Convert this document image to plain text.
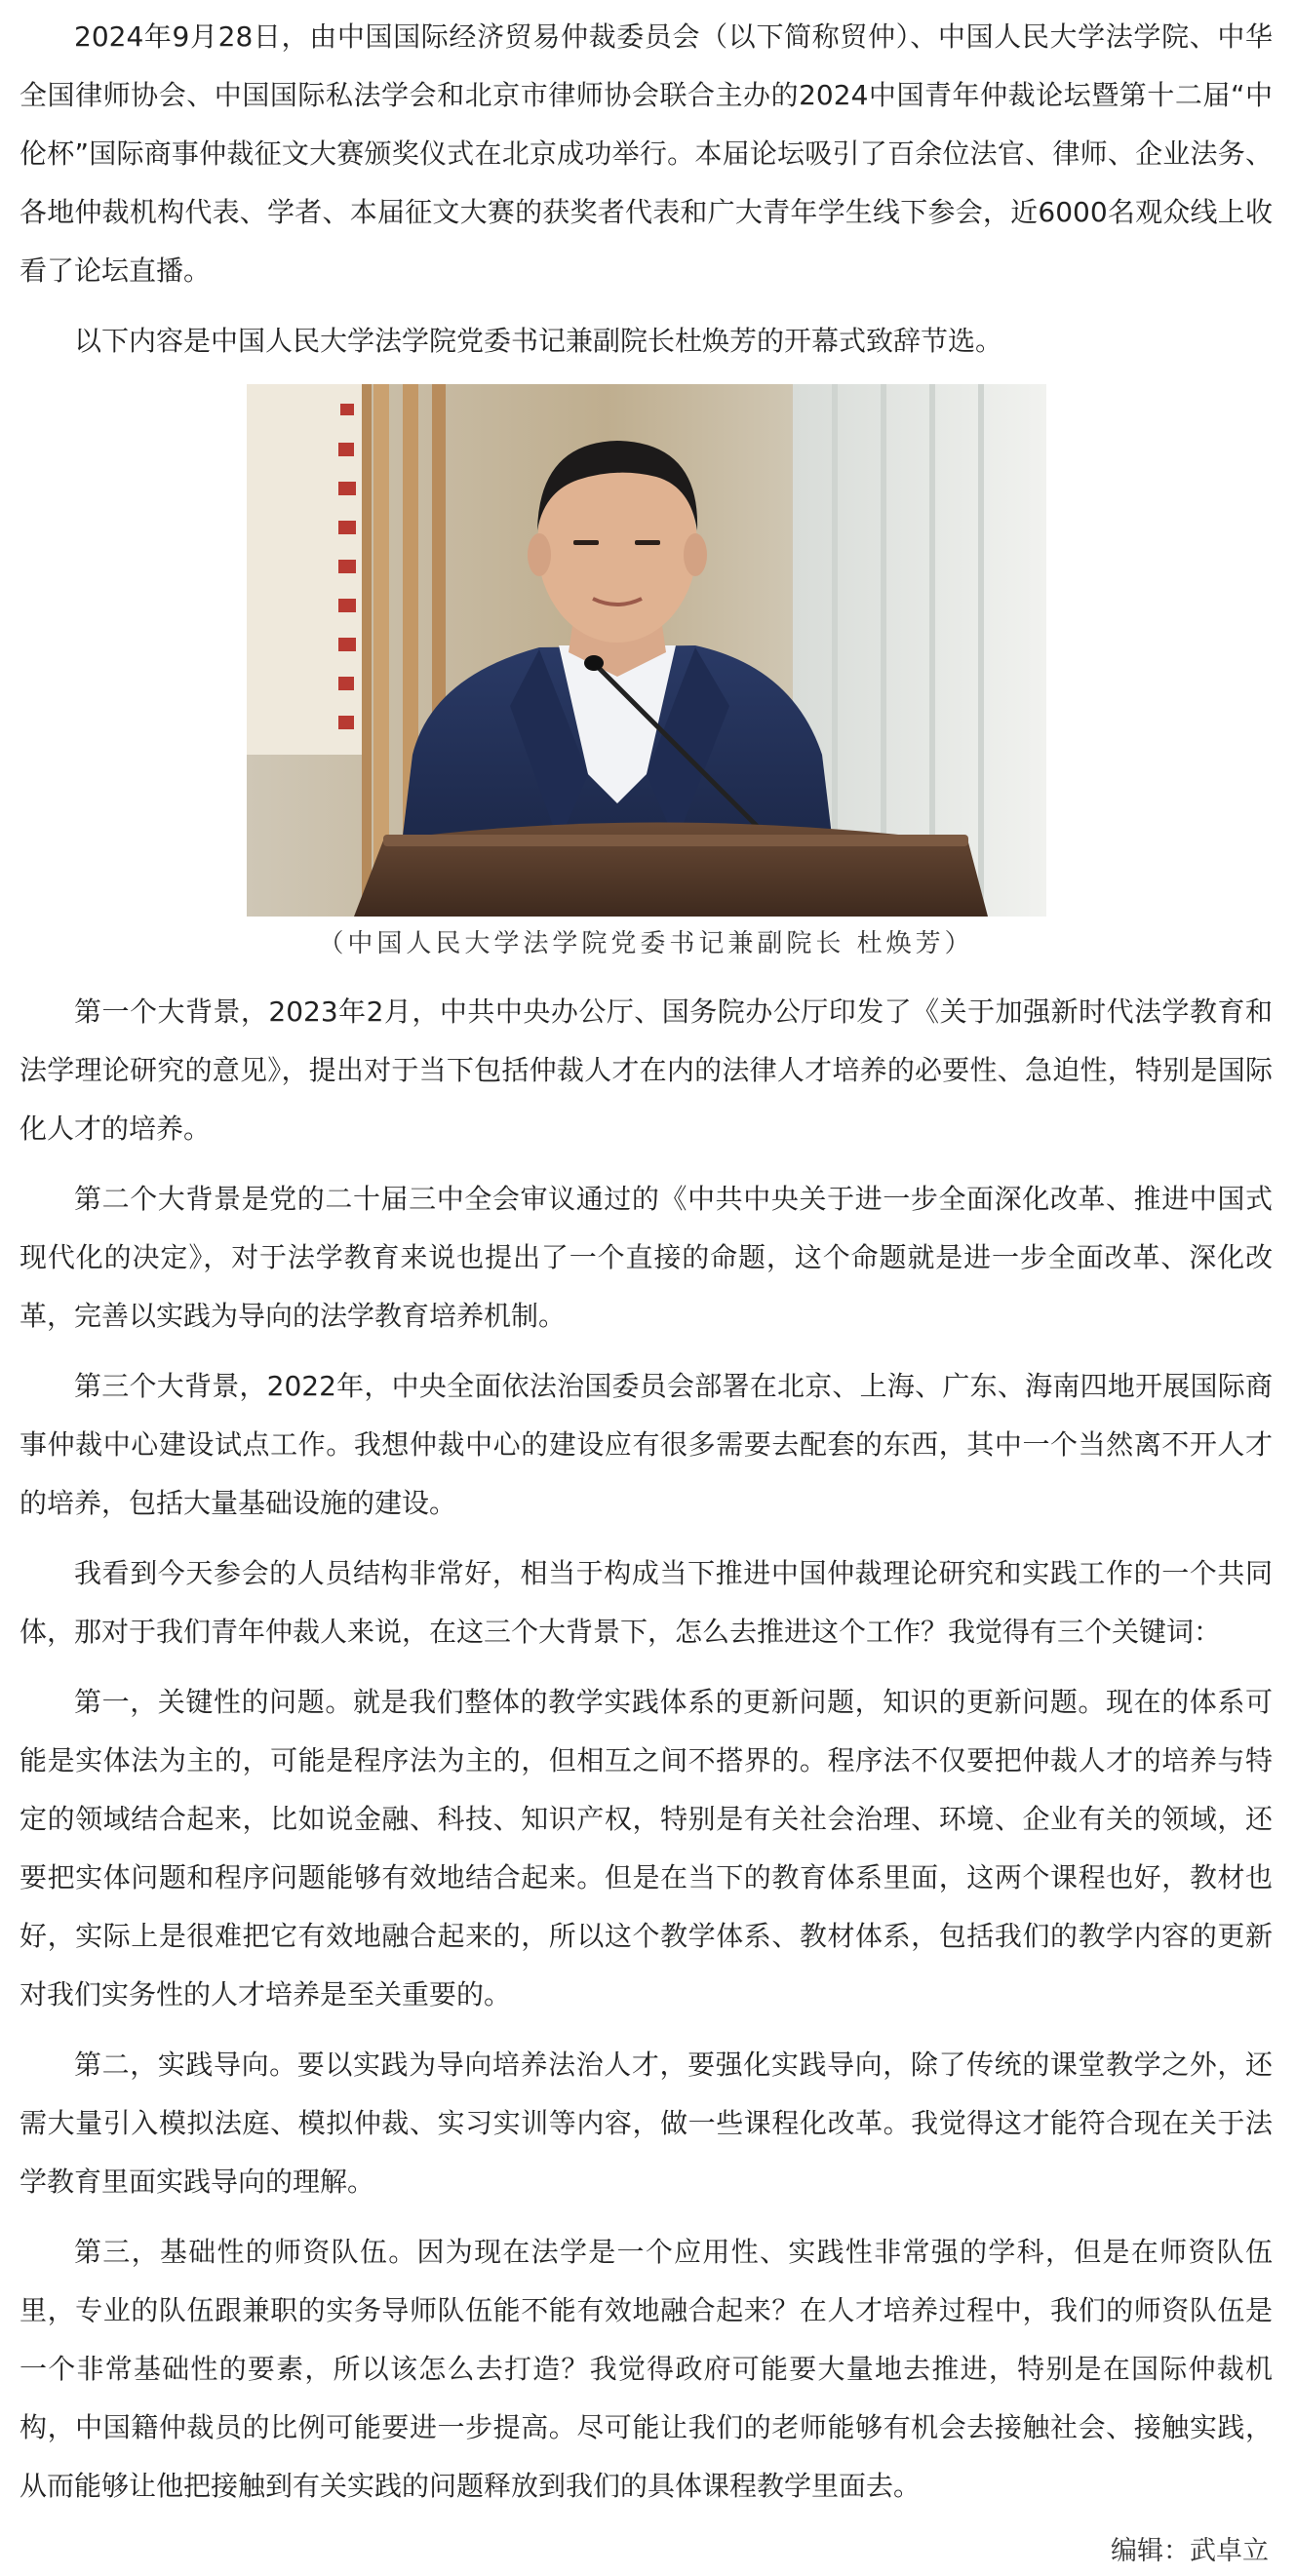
2024年9月28日，由中国国际经济贸易仲裁委员会（以下简称贸仲）、中国人民大学法学院、中华全国律师协会、中国国际私法学会和北京市律师协会联合主办的2024中国青年仲裁论坛暨第十二届“中伦杯”国际商事仲裁征文大赛颁奖仪式在北京成功举行。本届论坛吸引了百余位法官、律师、企业法务、各地仲裁机构代表、学者、本届征文大赛的获奖者代表和广大青年学生线下参会，近6000名观众线上收看了论坛直播。

以下内容是中国人民大学法学院党委书记兼副院长杜焕芳的开幕式致辞节选。

（中国人民大学法学院党委书记兼副院长 杜焕芳）

第一个大背景，2023年2月，中共中央办公厅、国务院办公厅印发了《关于加强新时代法学教育和法学理论研究的意见》，提出对于当下包括仲裁人才在内的法律人才培养的必要性、急迫性，特别是国际化人才的培养。

第二个大背景是党的二十届三中全会审议通过的《中共中央关于进一步全面深化改革、推进中国式现代化的决定》，对于法学教育来说也提出了一个直接的命题，这个命题就是进一步全面改革、深化改革，完善以实践为导向的法学教育培养机制。

第三个大背景，2022年，中央全面依法治国委员会部署在北京、上海、广东、海南四地开展国际商事仲裁中心建设试点工作。我想仲裁中心的建设应有很多需要去配套的东西，其中一个当然离不开人才的培养，包括大量基础设施的建设。

我看到今天参会的人员结构非常好，相当于构成当下推进中国仲裁理论研究和实践工作的一个共同体，那对于我们青年仲裁人来说，在这三个大背景下，怎么去推进这个工作？我觉得有三个关键词：

第一，关键性的问题。就是我们整体的教学实践体系的更新问题，知识的更新问题。现在的体系可能是实体法为主的，可能是程序法为主的，但相互之间不搭界的。程序法不仅要把仲裁人才的培养与特定的领域结合起来，比如说金融、科技、知识产权，特别是有关社会治理、环境、企业有关的领域，还要把实体问题和程序问题能够有效地结合起来。但是在当下的教育体系里面，这两个课程也好，教材也好，实际上是很难把它有效地融合起来的，所以这个教学体系、教材体系，包括我们的教学内容的更新对我们实务性的人才培养是至关重要的。

第二，实践导向。要以实践为导向培养法治人才，要强化实践导向，除了传统的课堂教学之外，还需大量引入模拟法庭、模拟仲裁、实习实训等内容，做一些课程化改革。我觉得这才能符合现在关于法学教育里面实践导向的理解。

第三，基础性的师资队伍。因为现在法学是一个应用性、实践性非常强的学科，但是在师资队伍里，专业的队伍跟兼职的实务导师队伍能不能有效地融合起来？在人才培养过程中，我们的师资队伍是一个非常基础性的要素，所以该怎么去打造？我觉得政府可能要大量地去推进，特别是在国际仲裁机构，中国籍仲裁员的比例可能要进一步提高。尽可能让我们的老师能够有机会去接触社会、接触实践，从而能够让他把接触到有关实践的问题释放到我们的具体课程教学里面去。

编辑：武卓立
